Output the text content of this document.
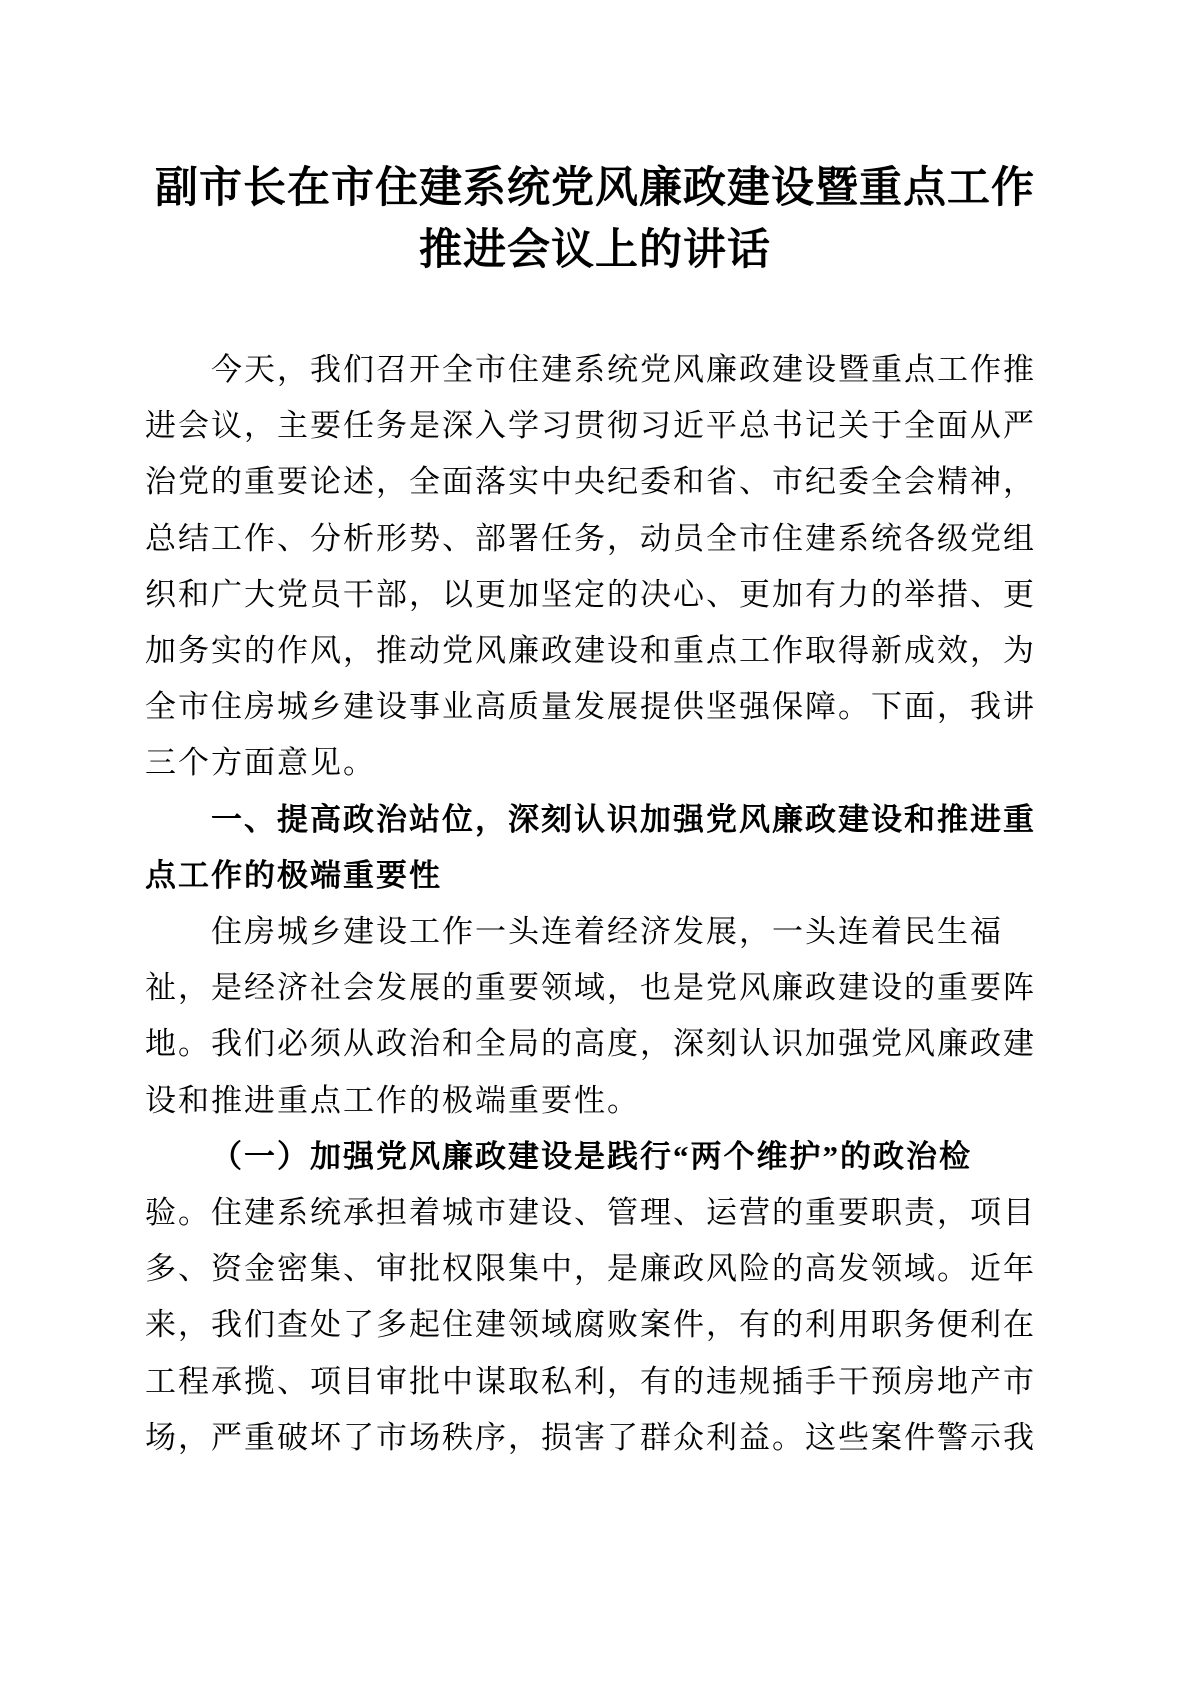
副市长在市住建系统党风廉政建设暨重点工作
推进会议上的讲话
今天，我们召开全市住建系统党风廉政建设暨重点工作推
进会议，主要任务是深入学习贯彻习近平总书记关于全面从严
治党的重要论述，全面落实中央纪委和省、市纪委全会精神，
总结工作、分析形势、部署任务，动员全市住建系统各级党组
织和广大党员干部，以更加坚定的决心、更加有力的举措、更
加务实的作风，推动党风廉政建设和重点工作取得新成效，为
全市住房城乡建设事业高质量发展提供坚强保障。下面，我讲
三个方面意见。
一、提高政治站位，深刻认识加强党风廉政建设和推进重
点工作的极端重要性
住房城乡建设工作一头连着经济发展，一头连着民生福
祉，是经济社会发展的重要领域，也是党风廉政建设的重要阵
地。我们必须从政治和全局的高度，深刻认识加强党风廉政建
设和推进重点工作的极端重要性。
（一）加强党风廉政建设是践行“两个维护”的政治检
验。住建系统承担着城市建设、管理、运营的重要职责，项目
多、资金密集、审批权限集中，是廉政风险的高发领域。近年
来，我们查处了多起住建领域腐败案件，有的利用职务便利在
工程承揽、项目审批中谋取私利，有的违规插手干预房地产市
场，严重破坏了市场秩序，损害了群众利益。这些案件警示我
